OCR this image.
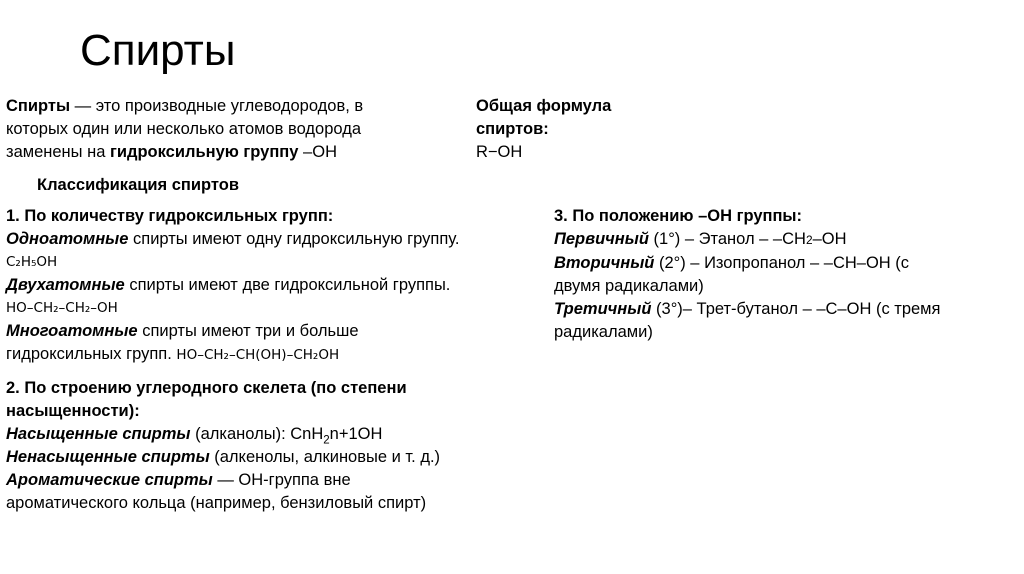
Спирты
Спирты — это производные углеводородов, в
которых один или несколько атомов водорода
заменены на гидроксильную группу –OH
Общая формула
спиртов:
R−OH
Классификация спиртов
1. По количеству гидроксильных групп:
Одноатомные спирты имеют одну гидроксильную группу.
C₂H₅OH
Двухатомные спирты имеют две гидроксильной группы.
HO–CH₂–CH₂–OH
Многоатомные спирты имеют три и больше
гидроксильных групп. HO–CH₂–CH(OH)–CH₂OH
2. По строению углеродного скелета (по степени
насыщенности):
Насыщенные спирты (алканолы): CnH$_2$n+1OH
Ненасыщенные спирты (алкенолы, алкиновые и т. д.)
Ароматические спирты — OH-группа вне
ароматического кольца (например, бензиловый спирт)
3. По положению –OH группы:
Первичный (1°) – Этанол – –CH2–OH
Вторичный (2°) – Изопропанол – –CH–OH (с
двумя радикалами)
Третичный (3°)– Трет-бутанол – –C–OH (с тремя
радикалами)
